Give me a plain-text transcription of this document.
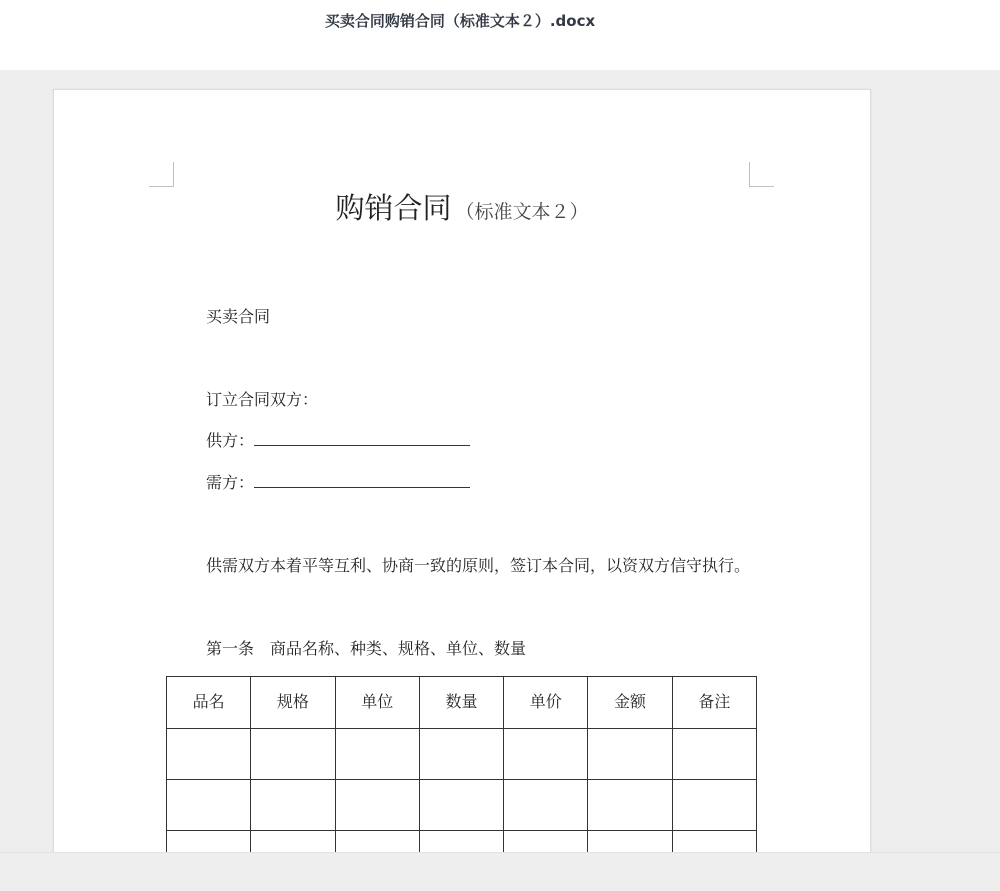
买卖合同购销合同（标准文本２）.docx
购销合同 （标准文本２）
买卖合同
订立合同双方：
供方：
需方：
供需双方本着平等互利、协商一致的原则，签订本合同，以资双方信守执行。
第一条　商品名称、种类、规格、单位、数量
品名	规格	单位	数量	单价	金额	备注
